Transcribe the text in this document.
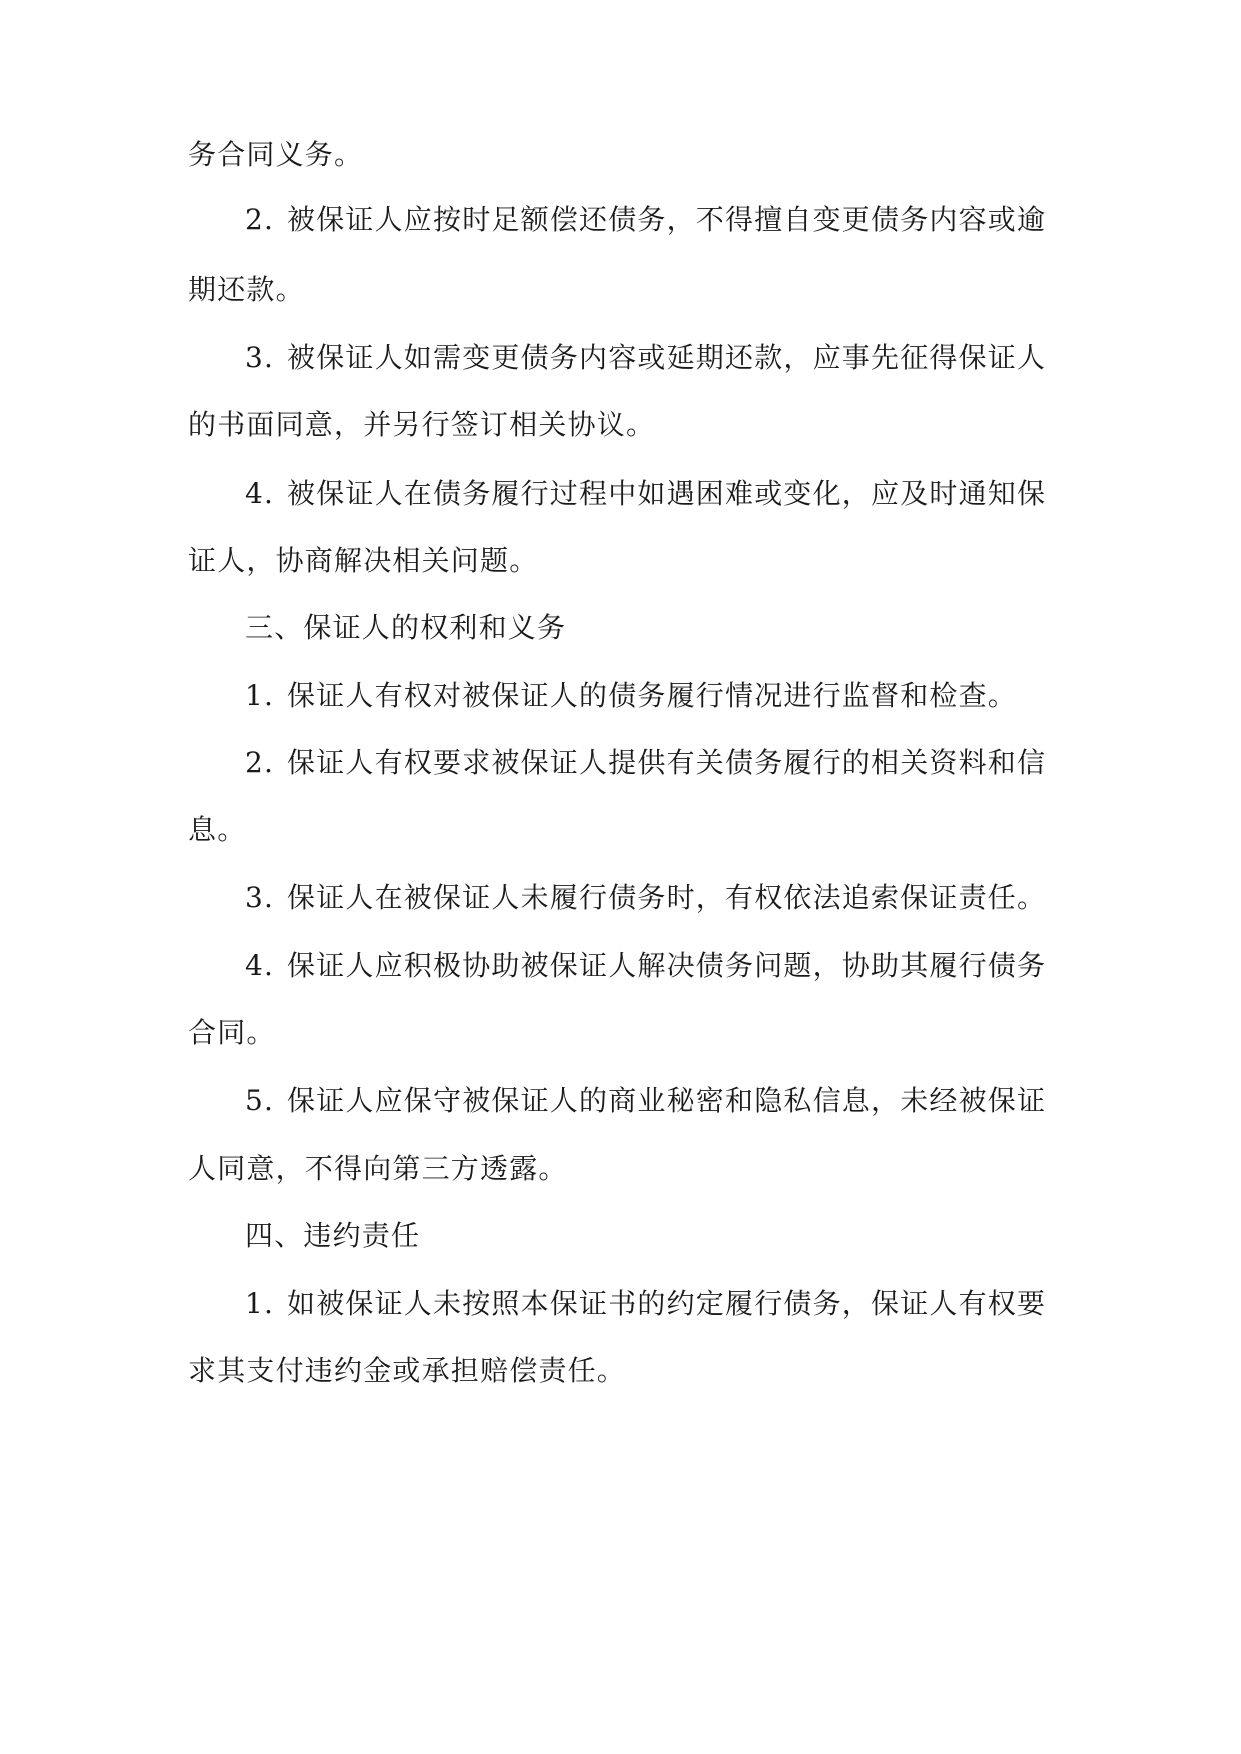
务合同义务。
2. 被保证人应按时足额偿还债务，不得擅自变更债务内容或逾
期还款。
3. 被保证人如需变更债务内容或延期还款，应事先征得保证人
的书面同意，并另行签订相关协议。
4. 被保证人在债务履行过程中如遇困难或变化，应及时通知保
证人，协商解决相关问题。
三、保证人的权利和义务
1. 保证人有权对被保证人的债务履行情况进行监督和检查。
2. 保证人有权要求被保证人提供有关债务履行的相关资料和信
息。
3. 保证人在被保证人未履行债务时，有权依法追索保证责任。
4. 保证人应积极协助被保证人解决债务问题，协助其履行债务
合同。
5. 保证人应保守被保证人的商业秘密和隐私信息，未经被保证
人同意，不得向第三方透露。
四、违约责任
1. 如被保证人未按照本保证书的约定履行债务，保证人有权要
求其支付违约金或承担赔偿责任。
